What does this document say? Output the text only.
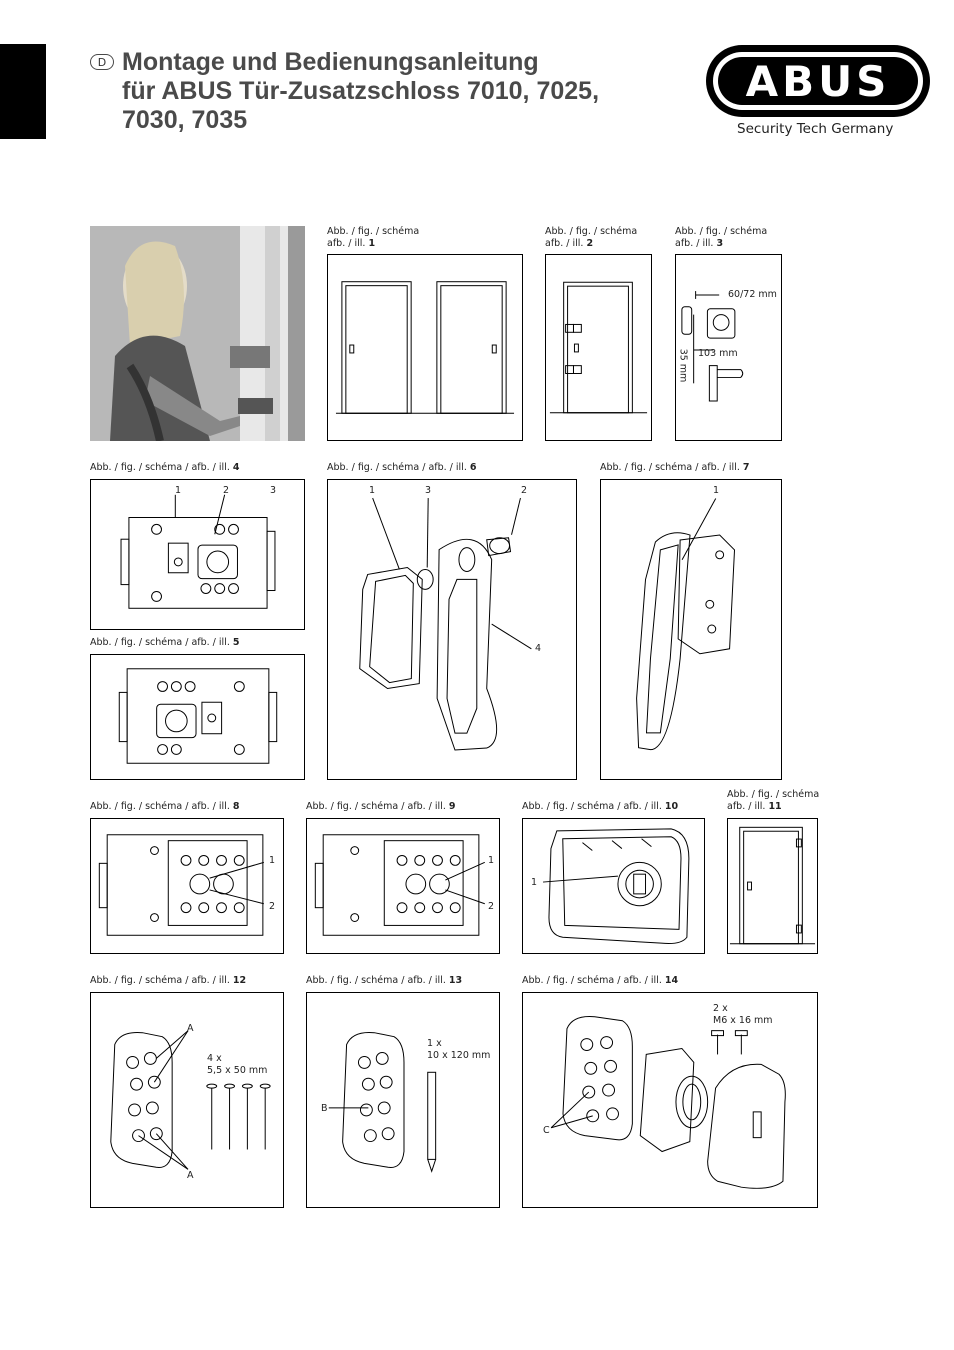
D Montage und Bedienungsanleitung
für ABUS Tür-Zusatzschloss 7010, 7025,
7030, 7035
ABUS
Security Tech Germany
Abb. / fig. / schéma
afb. / ill. 1
Abb. / fig. / schéma
afb. / ill. 2
Abb. / fig. / schéma
afb. / ill. 3
60/72 mm
103 mm
35 mm
Abb. / fig. / schéma / afb. / ill. 4
1	2	3
Abb. / fig. / schéma / afb. / ill. 5
Abb. / fig. / schéma / afb. / ill. 6
1	3	2
4
Abb. / fig. / schéma / afb. / ill. 7
1
Abb. / fig. / schéma / afb. / ill. 8
1
2
Abb. / fig. / schéma / afb. / ill. 9
1
2
Abb. / fig. / schéma / afb. / ill. 10
1
Abb. / fig. / schéma
afb. / ill. 11
Abb. / fig. / schéma / afb. / ill. 12
A
A
4 x
5,5 x 50 mm
Abb. / fig. / schéma / afb. / ill. 13
B
1 x
10 x 120 mm
Abb. / fig. / schéma / afb. / ill. 14
C
2 x
M6 x 16 mm
